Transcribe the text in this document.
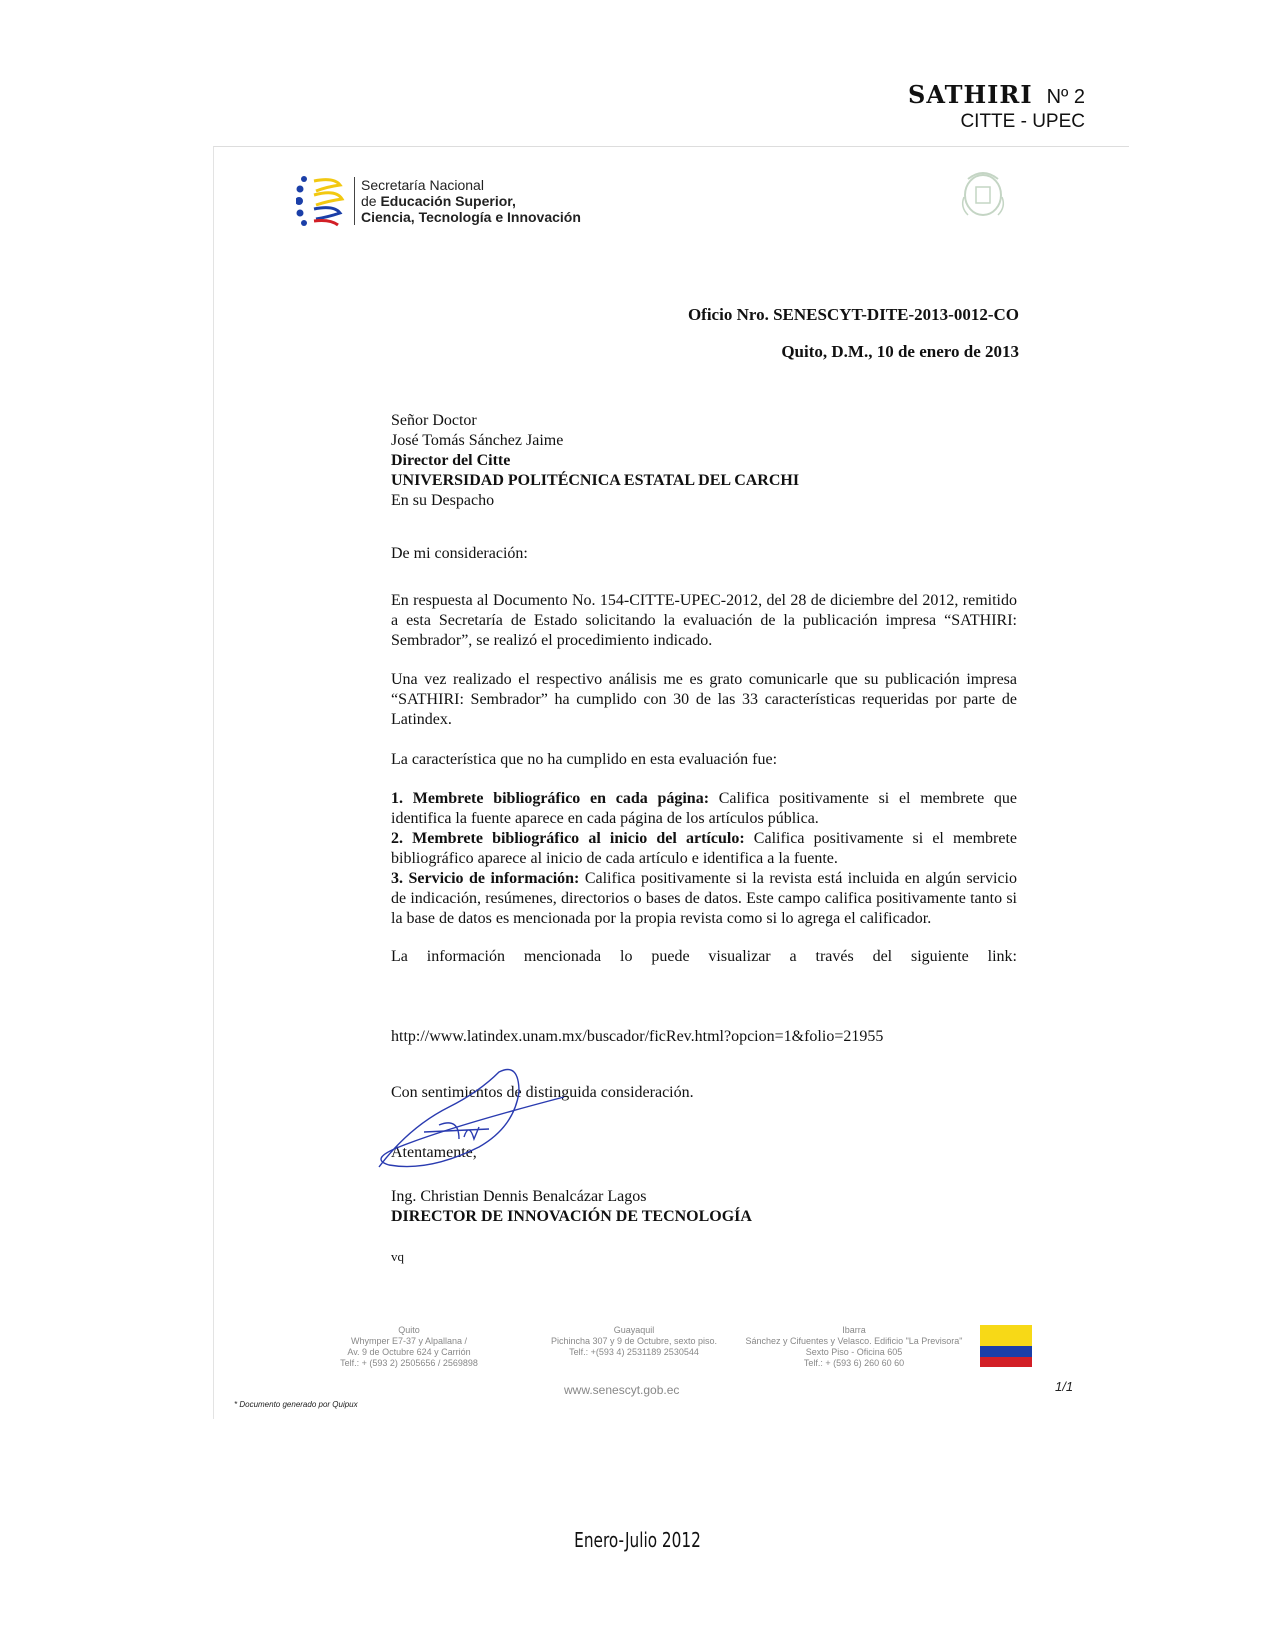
SATHIRI Nº 2
CITTE - UPEC
Secretaría Nacional
de Educación Superior,
Ciencia, Tecnología e Innovación
Oficio Nro. SENESCYT-DITE-2013-0012-CO
Quito, D.M., 10 de enero de 2013
Señor Doctor
José Tomás Sánchez Jaime
Director del Citte
UNIVERSIDAD POLITÉCNICA ESTATAL DEL CARCHI
En su Despacho
De mi consideración:
En respuesta al Documento No. 154-CITTE-UPEC-2012, del 28 de diciembre del 2012, remitido a esta Secretaría de Estado solicitando la evaluación de la publicación impresa “SATHIRI: Sembrador”, se realizó el procedimiento indicado.
Una vez realizado el respectivo análisis me es grato comunicarle que su publicación impresa “SATHIRI: Sembrador” ha cumplido con 30 de las 33 características requeridas por parte de Latindex.
La característica que no ha cumplido en esta evaluación fue:

1. Membrete bibliográfico en cada página: Califica positivamente si el membrete que identifica la fuente aparece en cada página de los artículos pública.

2. Membrete bibliográfico al inicio del artículo: Califica positivamente si el membrete bibliográfico aparece al inicio de cada artículo e identifica a la fuente.

3. Servicio de información: Califica positivamente si la revista está incluida en algún servicio de indicación, resúmenes, directorios o bases de datos. Este campo califica positivamente tanto si la base de datos es mencionada por la propia revista como si lo agrega el calificador.

La información mencionada lo puede visualizar a través del siguiente link:
http://www.latindex.unam.mx/buscador/ficRev.html?opcion=1&folio=21955
Con sentimientos de distinguida consideración.
Atentamente,
Ing. Christian Dennis Benalcázar Lagos
DIRECTOR DE INNOVACIÓN DE TECNOLOGÍA
vq
Quito
Whymper E7-37 y Alpallana /
Av. 9 de Octubre 624 y Carrión
Telf.: + (593 2) 2505656 / 2569898
Guayaquil
Pichincha 307 y 9 de Octubre, sexto piso.
Telf.: +(593 4) 2531189 2530544
Ibarra
Sánchez y Cifuentes y Velasco. Edificio "La Previsora"
Sexto Piso - Oficina 605
Telf.: + (593 6) 260 60 60
www.senescyt.gob.ec	1/1
* Documento generado por Quipux
Enero-Julio 2012
